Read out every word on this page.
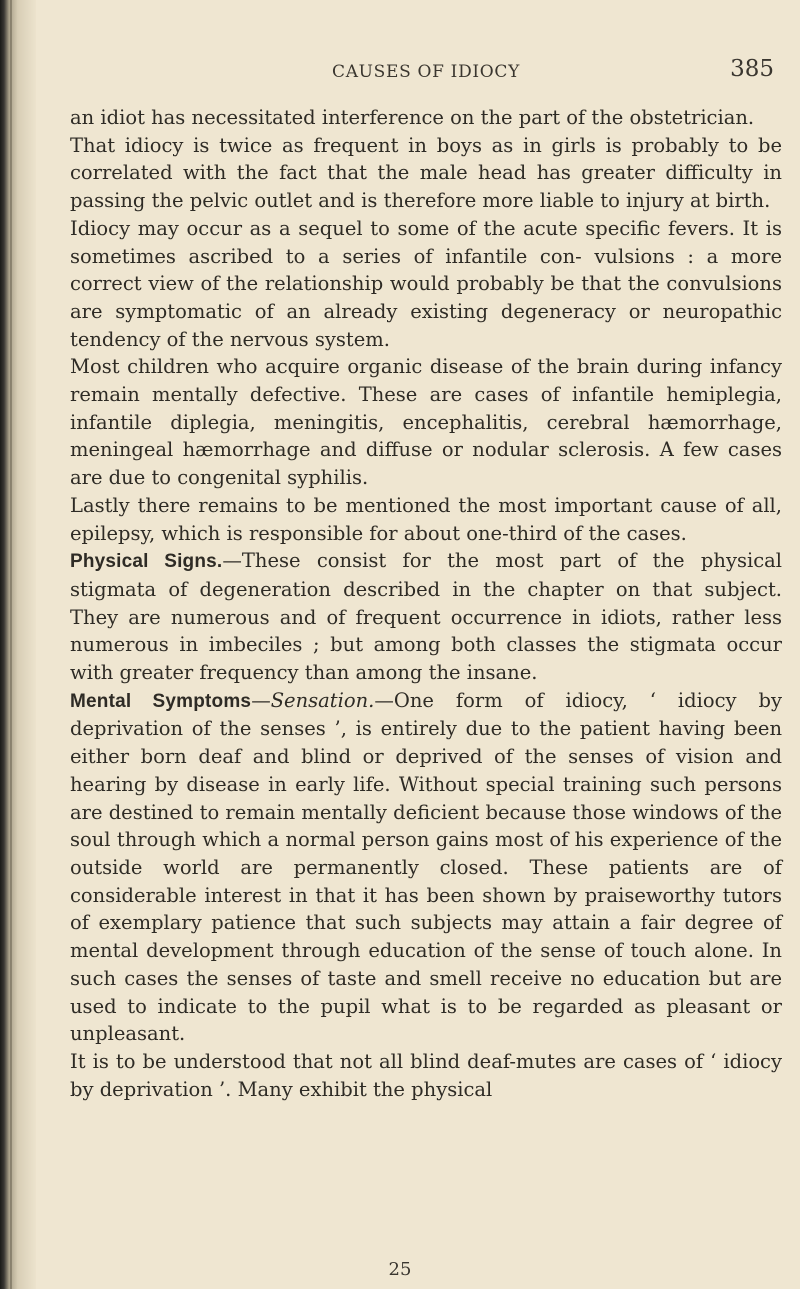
CAUSES OF IDIOCY	385

an idiot has necessitated interference on the part of the obstetrician.

That idiocy is twice as frequent in boys as in girls is probably to be correlated with the fact that the male head has greater difficulty in passing the pelvic outlet and is therefore more liable to injury at birth.

Idiocy may occur as a sequel to some of the acute specific fevers. It is sometimes ascribed to a series of infantile con- vulsions : a more correct view of the relationship would probably be that the convulsions are symptomatic of an already existing degeneracy or neuropathic tendency of the nervous system.

Most children who acquire organic disease of the brain during infancy remain mentally defective. These are cases of infantile hemiplegia, infantile diplegia, meningitis, encephalitis, cerebral hæmorrhage, meningeal hæmorrhage and diffuse or nodular sclerosis. A few cases are due to congenital syphilis.

Lastly there remains to be mentioned the most important cause of all, epilepsy, which is responsible for about one-third of the cases.

Physical Signs.—These consist for the most part of the physical stigmata of degeneration described in the chapter on that subject. They are numerous and of frequent occurrence in idiots, rather less numerous in imbeciles ; but among both classes the stigmata occur with greater frequency than among the insane.

Mental Symptoms—Sensation.—One form of idiocy, ‘ idiocy by deprivation of the senses ’, is entirely due to the patient having been either born deaf and blind or deprived of the senses of vision and hearing by disease in early life. Without special training such persons are destined to remain mentally deficient because those windows of the soul through which a normal person gains most of his experience of the outside world are permanently closed. These patients are of considerable interest in that it has been shown by praiseworthy tutors of exemplary patience that such subjects may attain a fair degree of mental development through education of the sense of touch alone. In such cases the senses of taste and smell receive no education but are used to indicate to the pupil what is to be regarded as pleasant or unpleasant.

It is to be understood that not all blind deaf-mutes are cases of ‘ idiocy by deprivation ’. Many exhibit the physical

25
